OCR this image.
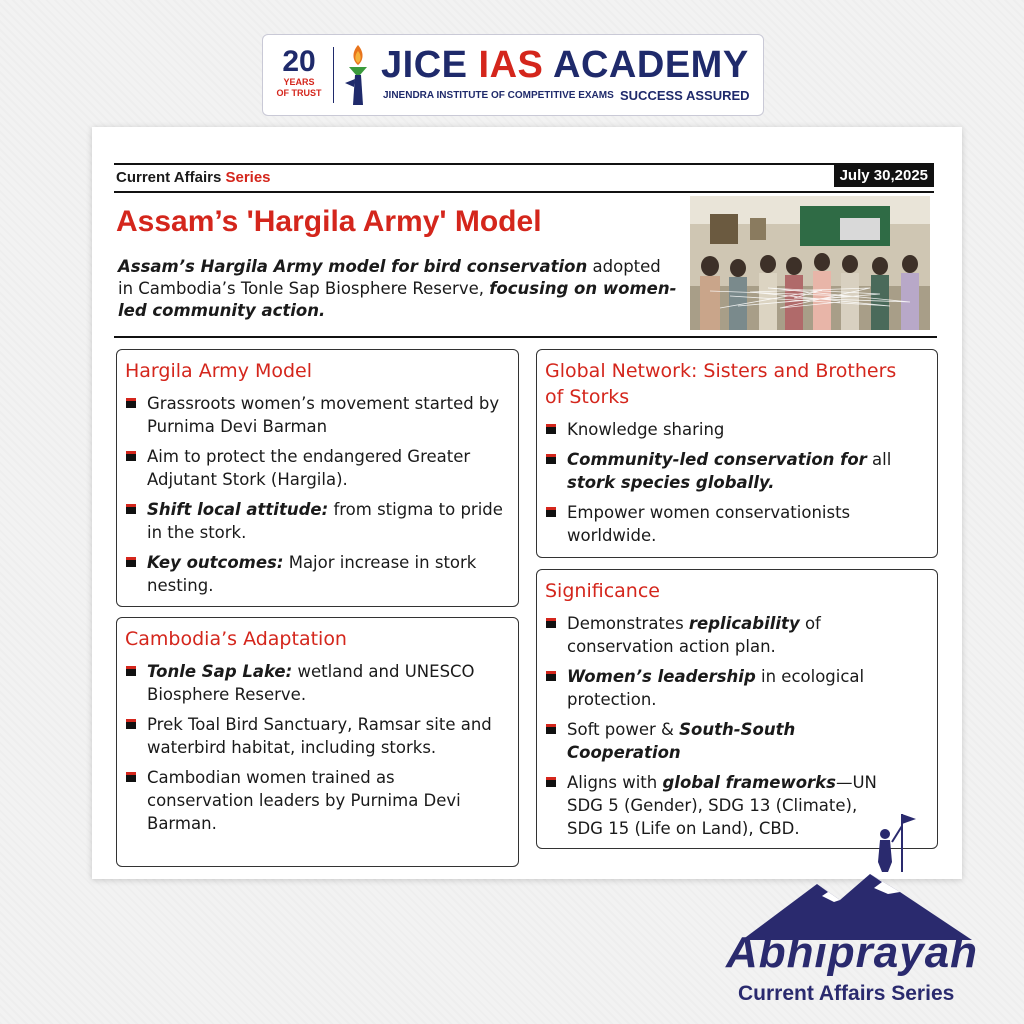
20
YEARS
OF TRUST
JICE IAS ACADEMY
JINENDRA INSTITUTE OF COMPETITIVE EXAMS SUCCESS ASSURED
Current Affairs Series	July 30,2025
Assam’s 'Hargila Army' Model
Assam’s Hargila Army model for bird conservation adopted in Cambodia’s Tonle Sap Biosphere Reserve, focusing on women-led community action.
Hargila Army Model
Grassroots women’s movement started by Purnima Devi Barman
Aim to protect the endangered Greater Adjutant Stork (Hargila).
Shift local attitude: from stigma to pride in the stork.
Key outcomes: Major increase in stork nesting.
Cambodia’s Adaptation
Tonle Sap Lake: wetland and UNESCO Biosphere Reserve.
Prek Toal Bird Sanctuary, Ramsar site and waterbird habitat, including storks.
Cambodian women trained as conservation leaders by Purnima Devi Barman.
Global Network: Sisters and Brothers of Storks
Knowledge sharing
Community-led conservation for all stork species globally.
Empower women conservationists worldwide.
Significance
Demonstrates replicability of conservation action plan.
Women’s leadership in ecological protection.
Soft power & South-South Cooperation
Aligns with global frameworks—UN SDG 5 (Gender), SDG 13 (Climate), SDG 15 (Life on Land), CBD.
Abhiprayah
Current Affairs Series
